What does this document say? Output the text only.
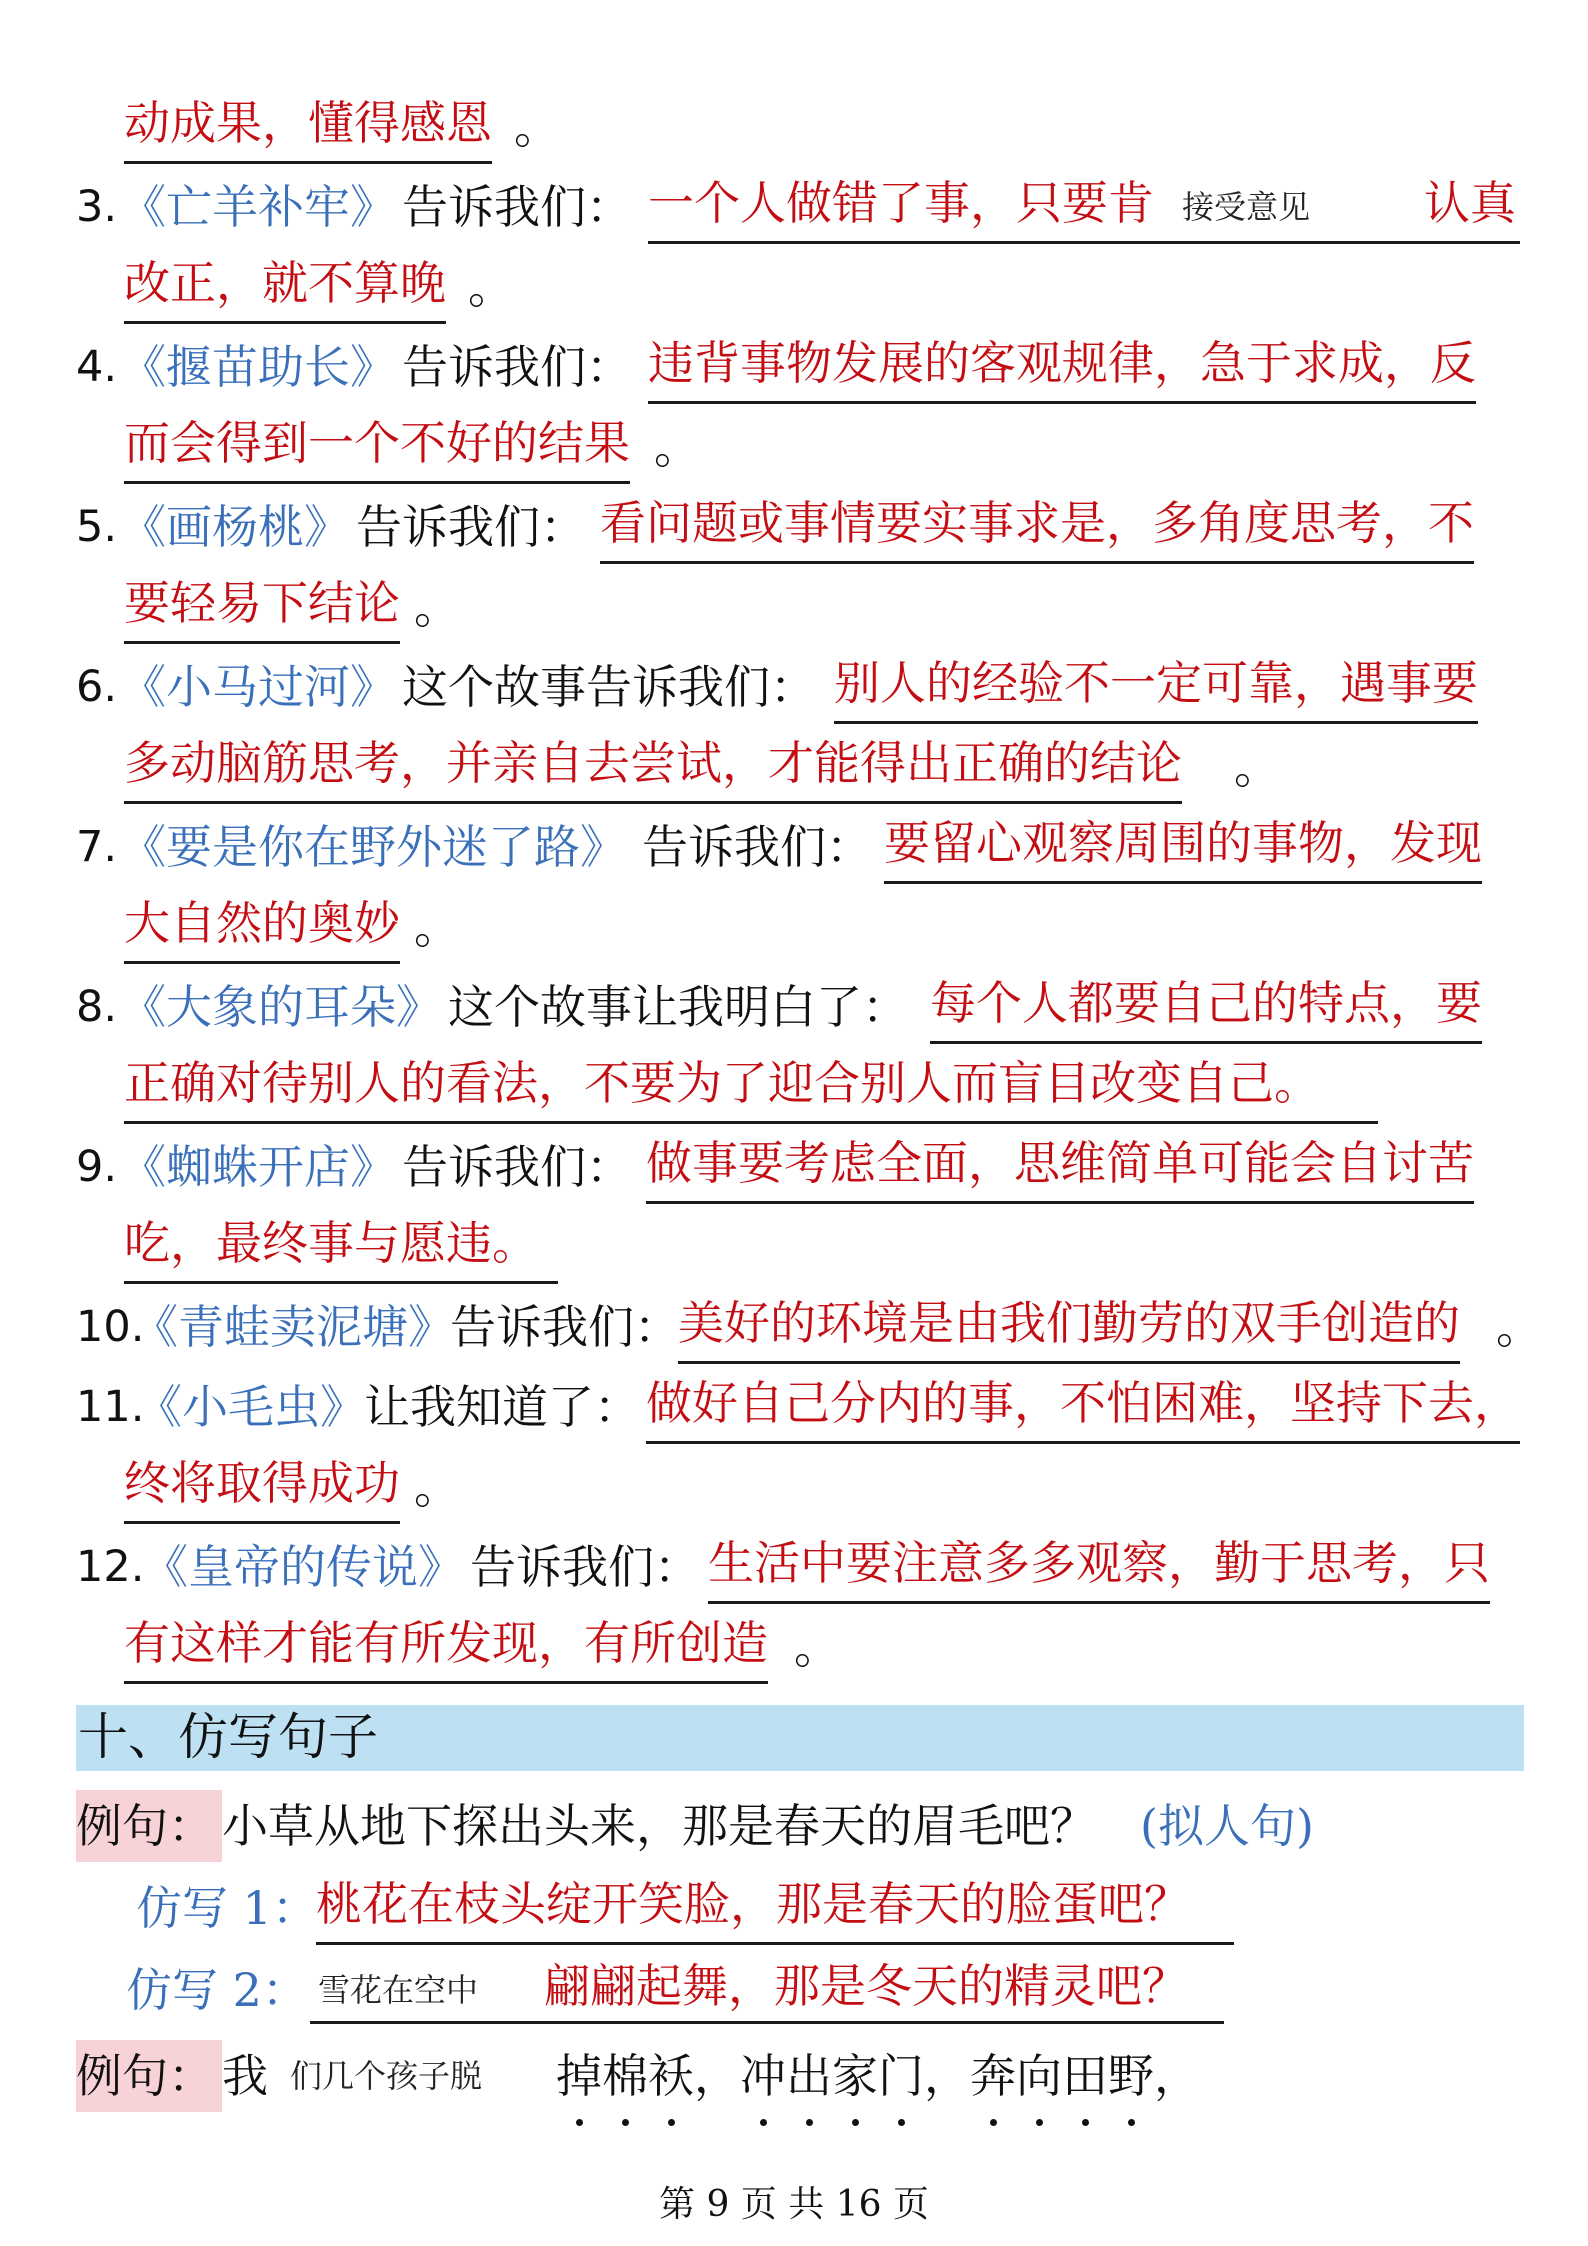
动成果，懂得感恩 。
3. 《亡羊补牢》 告诉我们： 一个人做错了事，只要肯	认真
接受意见
改正，就不算晚 。
4. 《揠苗助长》 告诉我们： 违背事物发展的客观规律，急于求成，反
而会得到一个不好的结果 。
5. 《画杨桃》 告诉我们： 看问题或事情要实事求是，多角度思考，不
要轻易下结论 。
6. 《小马过河》 这个故事告诉我们： 别人的经验不一定可靠，遇事要
多动脑筋思考，并亲自去尝试，才能得出正确的结论 。
7. 《要是你在野外迷了路》 告诉我们： 要留心观察周围的事物，发现
大自然的奥妙 。
8. 《大象的耳朵》 这个故事让我明白了： 每个人都要自己的特点，要
正确对待别人的看法，不要为了迎合别人而盲目改变自己。
9. 《蜘蛛开店》 告诉我们： 做事要考虑全面，思维简单可能会自讨苦
吃，最终事与愿违。
10.
《青蛙卖泥塘》
告诉我们：
美好的环境是由我们勤劳的双手创造的 。
11.
《小毛虫》
让我知道了： 做好自己分内的事，不怕困难，坚持下去，
终将取得成功 。
12.
《皇帝的传说》 告诉我们： 生活中要注意多多观察，勤于思考，只
有这样才能有所发现，有所创造 。
十、仿写句子
例句： 小草从地下探出头来，那是春天的眉毛吧？ (拟人句)
仿写 1：
桃花在枝头绽开笑脸，那是春天的脸蛋吧？
仿写 2：	翩翩起舞，那是冬天的精灵吧？
雪花在空中
例句： 我 们几个孩子脱	掉棉袄，冲出家门，奔向田野，
第 9 页 共 16 页
